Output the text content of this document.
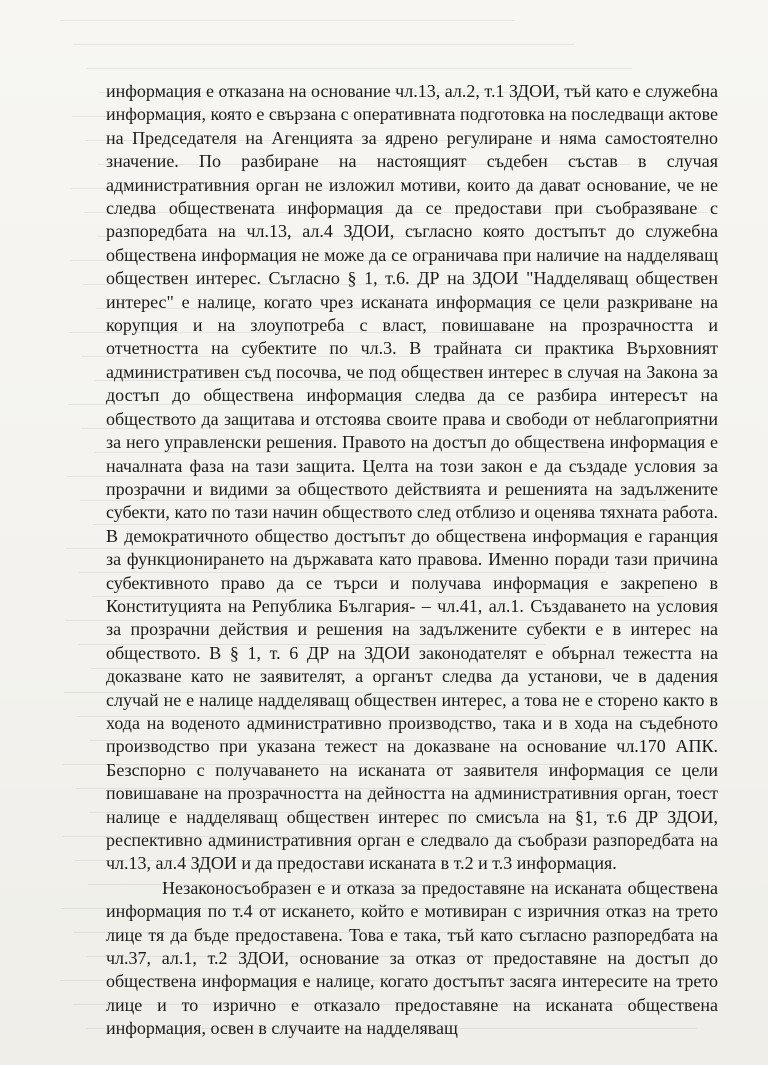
информация е отказана на основание чл.13, ал.2, т.1 ЗДОИ, тъй като е служебна информация, която е свързана с оперативната подготовка на последващи актове на Председателя на Агенцията за ядрено регулиране и няма самостоятелно значение. По разбиране на настоящият съдебен състав в случая административния орган не изложил мотиви, които да дават основание, че не следва обществената информация да се предостави при съобразяване с разпоредбата на чл.13, ал.4 ЗДОИ, съгласно която достъпът до служебна обществена информация не може да се ограничава при наличие на надделяващ обществен интерес. Съгласно § 1, т.6. ДР на ЗДОИ "Надделяващ обществен интерес" е налице, когато чрез исканата информация се цели разкриване на корупция и на злоупотреба с власт, повишаване на прозрачността и отчетността на субектите по чл.3. В трайната си практика Върховният административен съд посочва, че под обществен интерес в случая на Закона за достъп до обществена информация следва да се разбира интересът на обществото да защитава и отстоява своите права и свободи от неблагоприятни за него управленски решения. Правото на достъп до обществена информация е началната фаза на тази защита. Целта на този закон е да създаде условия за прозрачни и видими за обществото действията и решенията на задължените субекти, като по тази начин обществото след отблизо и оценява тяхната работа. В демократичното общество достъпът до обществена информация е гаранция за функционирането на държавата като правова. Именно поради тази причина субективното право да се търси и получава информация е закрепено в Конституцията на Република България- – чл.41, ал.1. Създаването на условия за прозрачни действия и решения на задължените субекти е в интерес на обществото. В § 1, т. 6 ДР на ЗДОИ законодателят е обърнал тежестта на доказване като не заявителят, а органът следва да установи, че в дадения случай не е налице надделяващ обществен интерес, а това не е сторено както в хода на воденото административно производство, така и в хода на съдебното производство при указана тежест на доказване на основание чл.170 АПК. Безспорно с получаването на исканата от заявителя информация се цели повишаване на прозрачността на дейността на административния орган, тоест налице е надделяващ обществен интерес по смисъла на §1, т.6 ДР ЗДОИ, респективно административния орган е следвало да съобрази разпоредбата на чл.13, ал.4 ЗДОИ и да предостави исканата в т.2 и т.3 информация.

Незаконосъобразен е и отказа за предоставяне на исканата обществена информация по т.4 от искането, който е мотивиран с изричния отказ на трето лице тя да бъде предоставена. Това е така, тъй като съгласно разпоредбата на чл.37, ал.1, т.2 ЗДОИ, основание за отказ от предоставяне на достъп до обществена информация е налице, когато достъпът засяга интересите на трето лице и то изрично е отказало предоставяне на исканата обществена информация, освен в случаите на надделяващ
